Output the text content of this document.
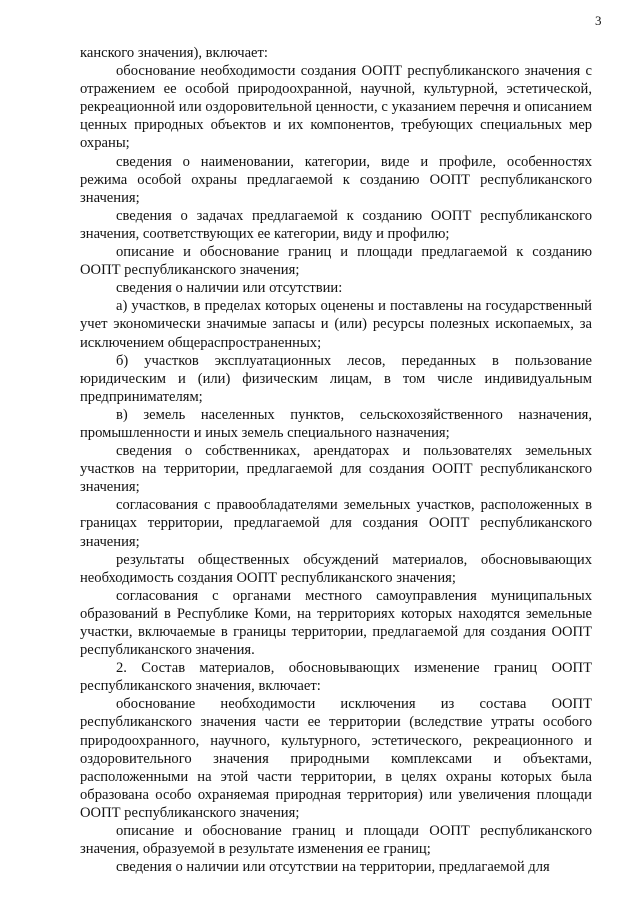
3

канского значения), включает:

обоснование необходимости создания ООПТ республиканского значения с отражением ее особой природоохранной, научной, культурной, эстетической, рекреационной или оздоровительной ценности, с указанием перечня и описанием ценных природных объектов и их компонентов, требующих специальных мер охраны;

сведения о наименовании, категории, виде и профиле, особенностях режима особой охраны предлагаемой к созданию ООПТ республиканского значения;

сведения о задачах предлагаемой к созданию ООПТ республиканского значения, соответствующих ее категории, виду и профилю;

описание и обоснование границ и площади предлагаемой к созданию ООПТ республиканского значения;

сведения о наличии или отсутствии:

а) участков, в пределах которых оценены и поставлены на государственный учет экономически значимые запасы и (или) ресурсы полезных ископаемых, за исключением общераспространенных;

б) участков эксплуатационных лесов, переданных в пользование юридическим и (или) физическим лицам, в том числе индивидуальным предпринимателям;

в) земель населенных пунктов, сельскохозяйственного назначения, промышленности и иных земель специального назначения;

сведения о собственниках, арендаторах и пользователях земельных участков на территории, предлагаемой для создания ООПТ республиканского значения;

согласования с правообладателями земельных участков, расположенных в границах территории, предлагаемой для создания ООПТ республиканского значения;

результаты общественных обсуждений материалов, обосновывающих необходимость создания ООПТ республиканского значения;

согласования с органами местного самоуправления муниципальных образований в Республике Коми, на территориях которых находятся земельные участки, включаемые в границы территории, предлагаемой для создания ООПТ республиканского значения.

2. Состав материалов, обосновывающих изменение границ ООПТ республиканского значения, включает:

обоснование необходимости исключения из состава ООПТ республиканского значения части ее территории (вследствие утраты особого природоохранного, научного, культурного, эстетического, рекреационного и оздоровительного значения природными комплексами и объектами, расположенными на этой части территории, в целях охраны которых была образована особо охраняемая природная территория) или увеличения площади ООПТ республиканского значения;

описание и обоснование границ и площади ООПТ республиканского значения, образуемой в результате изменения ее границ;

сведения о наличии или отсутствии на территории, предлагаемой для
